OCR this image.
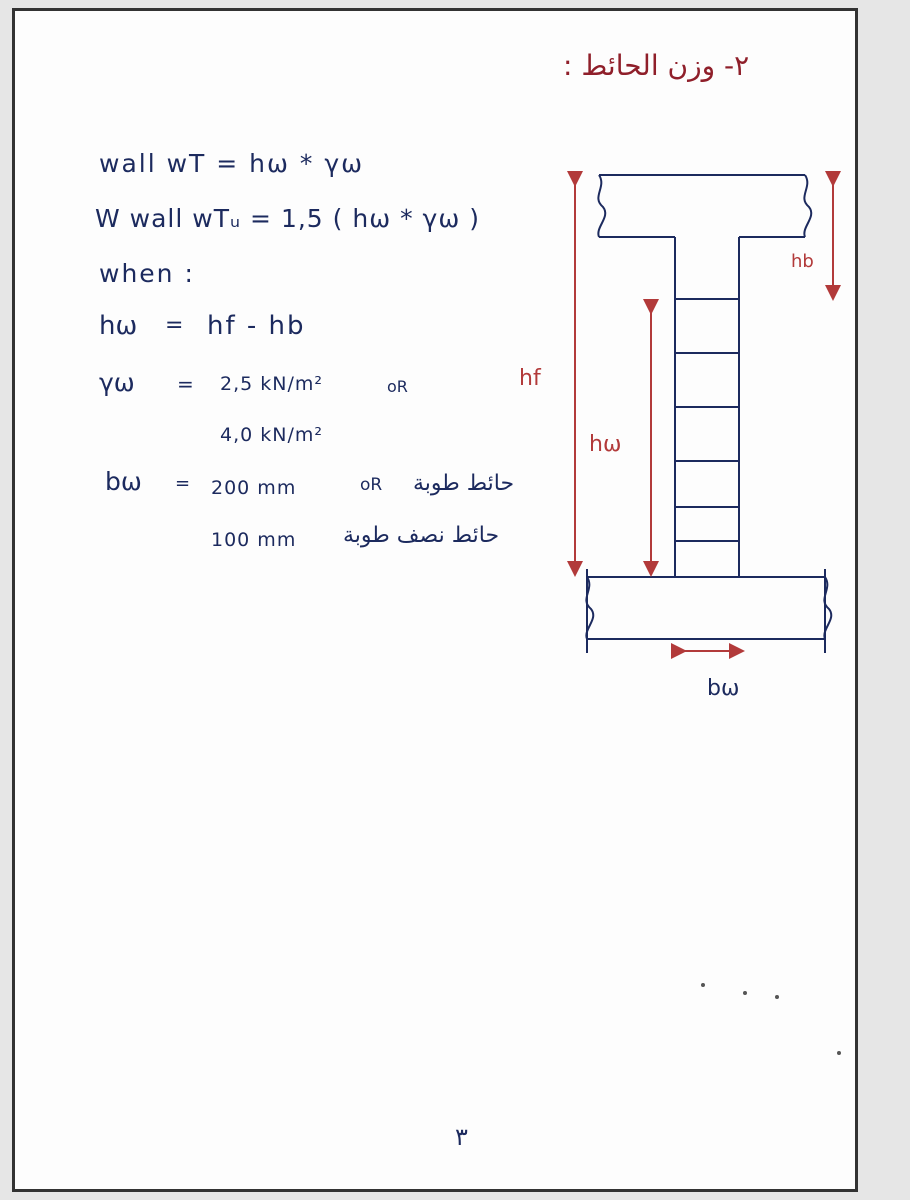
٢- وزن الحائط :
wall wT = hω * γω
W wall wTᵤ = 1,5 ( hω * γω )
when :
hω = hf - hb
γω = 2,5 kN/m²	oR
4,0 kN/m²
bω = 200 mm	oR حائط طوبة
100 mm حائط نصف طوبة
hf
hω
hb
bω
٣
